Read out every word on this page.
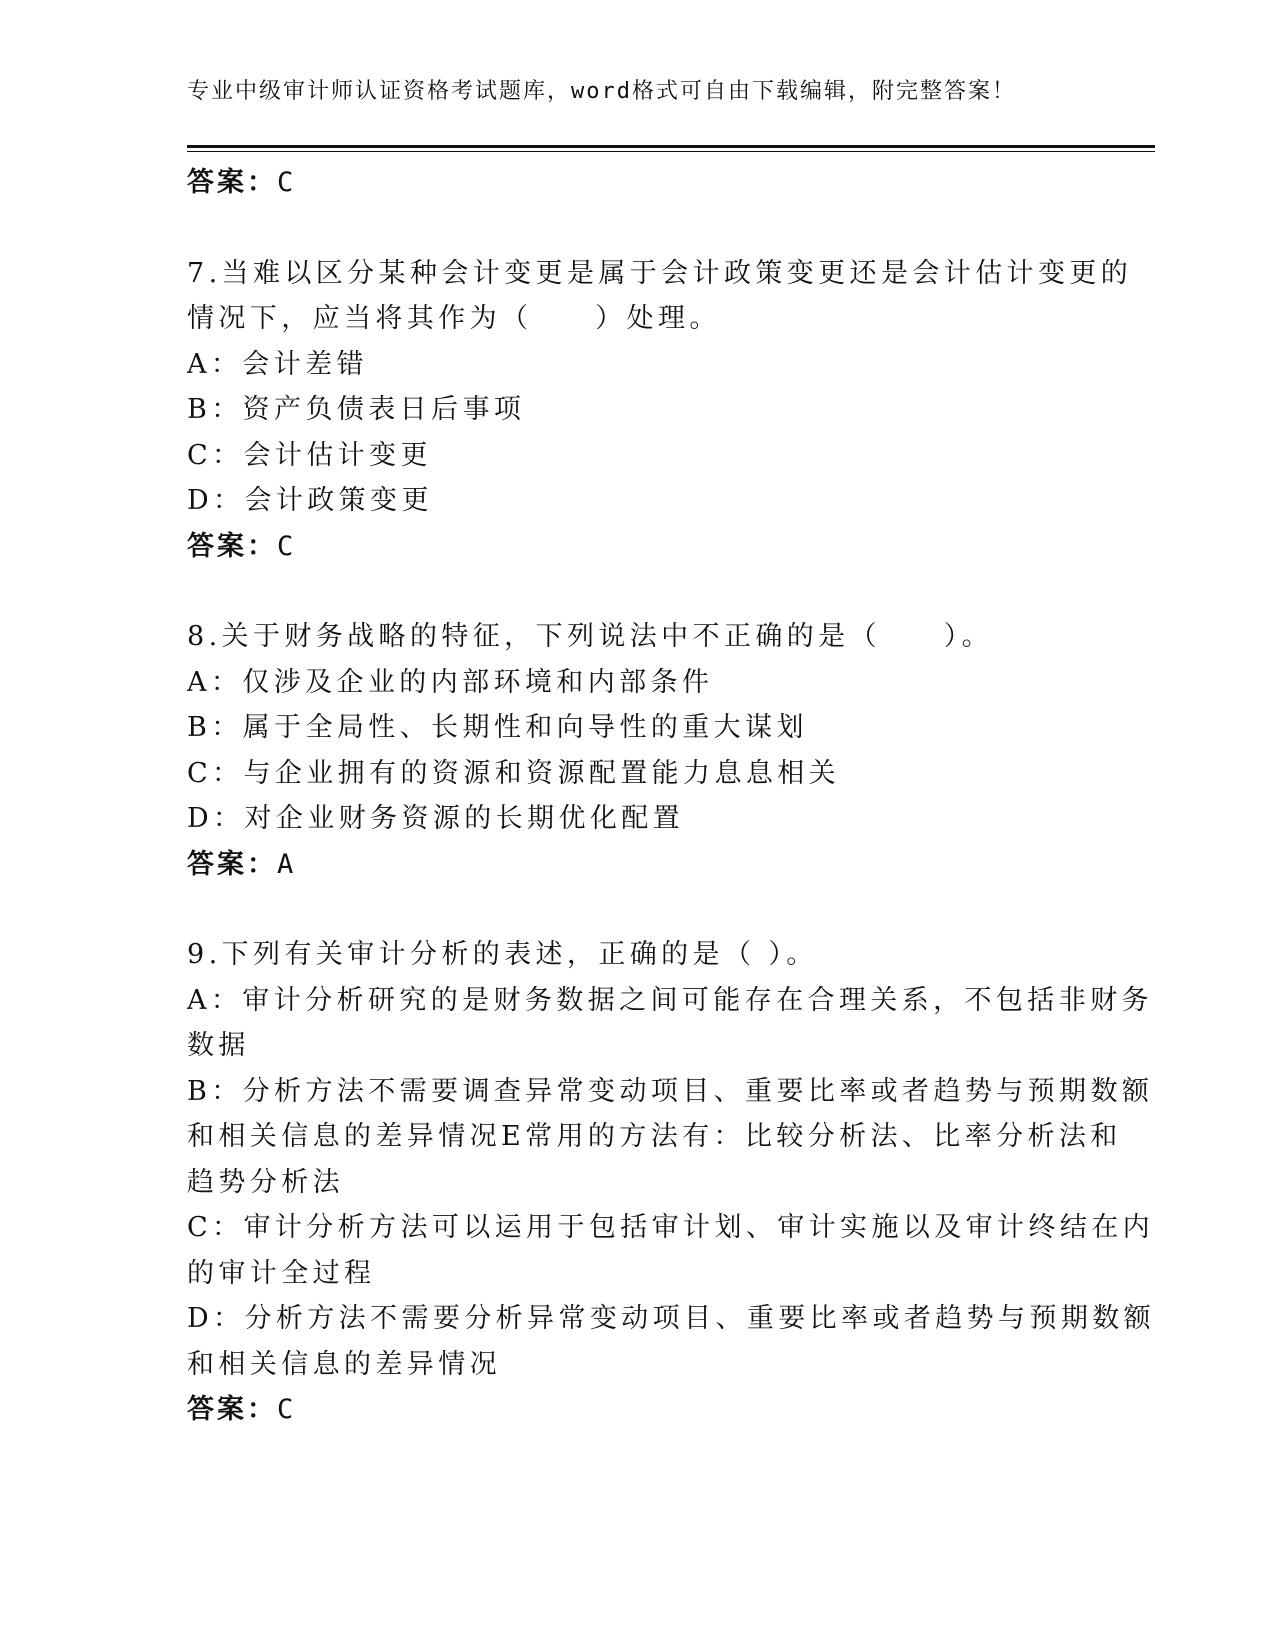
专业中级审计师认证资格考试题库，word格式可自由下载编辑，附完整答案！
答案：C
7.当难以区分某种会计变更是属于会计政策变更还是会计估计变更的
情况下，应当将其作为（　　）处理。
A：会计差错
B：资产负债表日后事项
C：会计估计变更
D：会计政策变更
答案：C
8.关于财务战略的特征，下列说法中不正确的是（　　）。
A：仅涉及企业的内部环境和内部条件
B：属于全局性、长期性和向导性的重大谋划
C：与企业拥有的资源和资源配置能力息息相关
D：对企业财务资源的长期优化配置
答案：A
9.下列有关审计分析的表述，正确的是（ ）。
A：审计分析研究的是财务数据之间可能存在合理关系，不包括非财务
数据
B：分析方法不需要调查异常变动项目、重要比率或者趋势与预期数额
和相关信息的差异情况E常用的方法有：比较分析法、比率分析法和
趋势分析法
C：审计分析方法可以运用于包括审计划、审计实施以及审计终结在内
的审计全过程
D：分析方法不需要分析异常变动项目、重要比率或者趋势与预期数额
和相关信息的差异情况
答案：C
